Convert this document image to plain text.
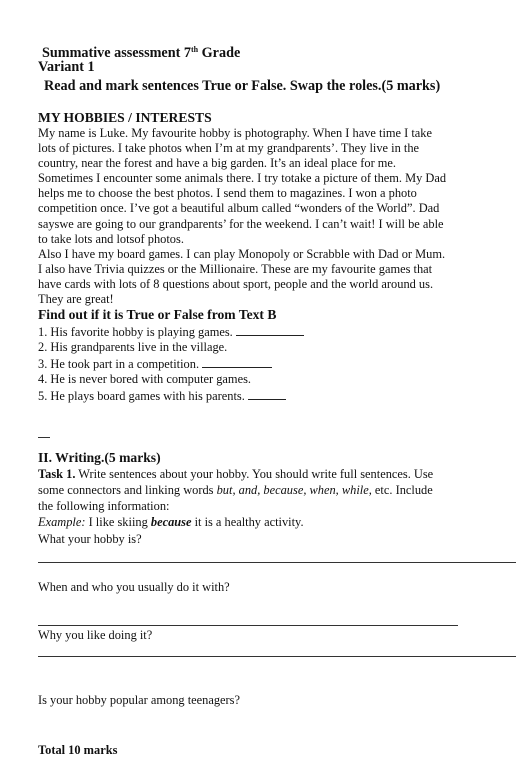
Summative assessment 7th Grade
Variant 1
Read and mark sentences True or False. Swap the roles.(5 marks)
MY HOBBIES / INTERESTS
My name is Luke. My favourite hobby is photography. When I have time I take
lots of pictures. I take photos when I’m at my grandparents’. They live in the
country, near the forest and have a big garden. It’s an ideal place for me.
Sometimes I encounter some animals there. I try totake a picture of them. My Dad
helps me to choose the best photos. I send them to magazines. I won a photo
competition once. I’ve got a beautiful album called “wonders of the World”. Dad
sayswe are going to our grandparents’ for the weekend. I can’t wait! I will be able
to take lots and lotsof photos.
Also I have my board games. I can play Monopoly or Scrabble with Dad or Mum.
I also have Trivia quizzes or the Millionaire. These are my favourite games that
have cards with lots of 8 questions about sport, people and the world around us.
They are great!
Find out if it is True or False from Text B
1. His favorite hobby is playing games.
2. His grandparents live in the village.
3. He took part in a competition.
4. He is never bored with computer games.
5. He plays board games with his parents.
II. Writing.(5 marks)
Task 1. Write sentences about your hobby. You should write full sentences. Use
some connectors and linking words but, and, because, when, while, etc. Include
the following information:
Example: I like skiing because it is a healthy activity.
What your hobby is?
When and who you usually do it with?
Why you like doing it?
Is your hobby popular among teenagers?
Total 10 marks
